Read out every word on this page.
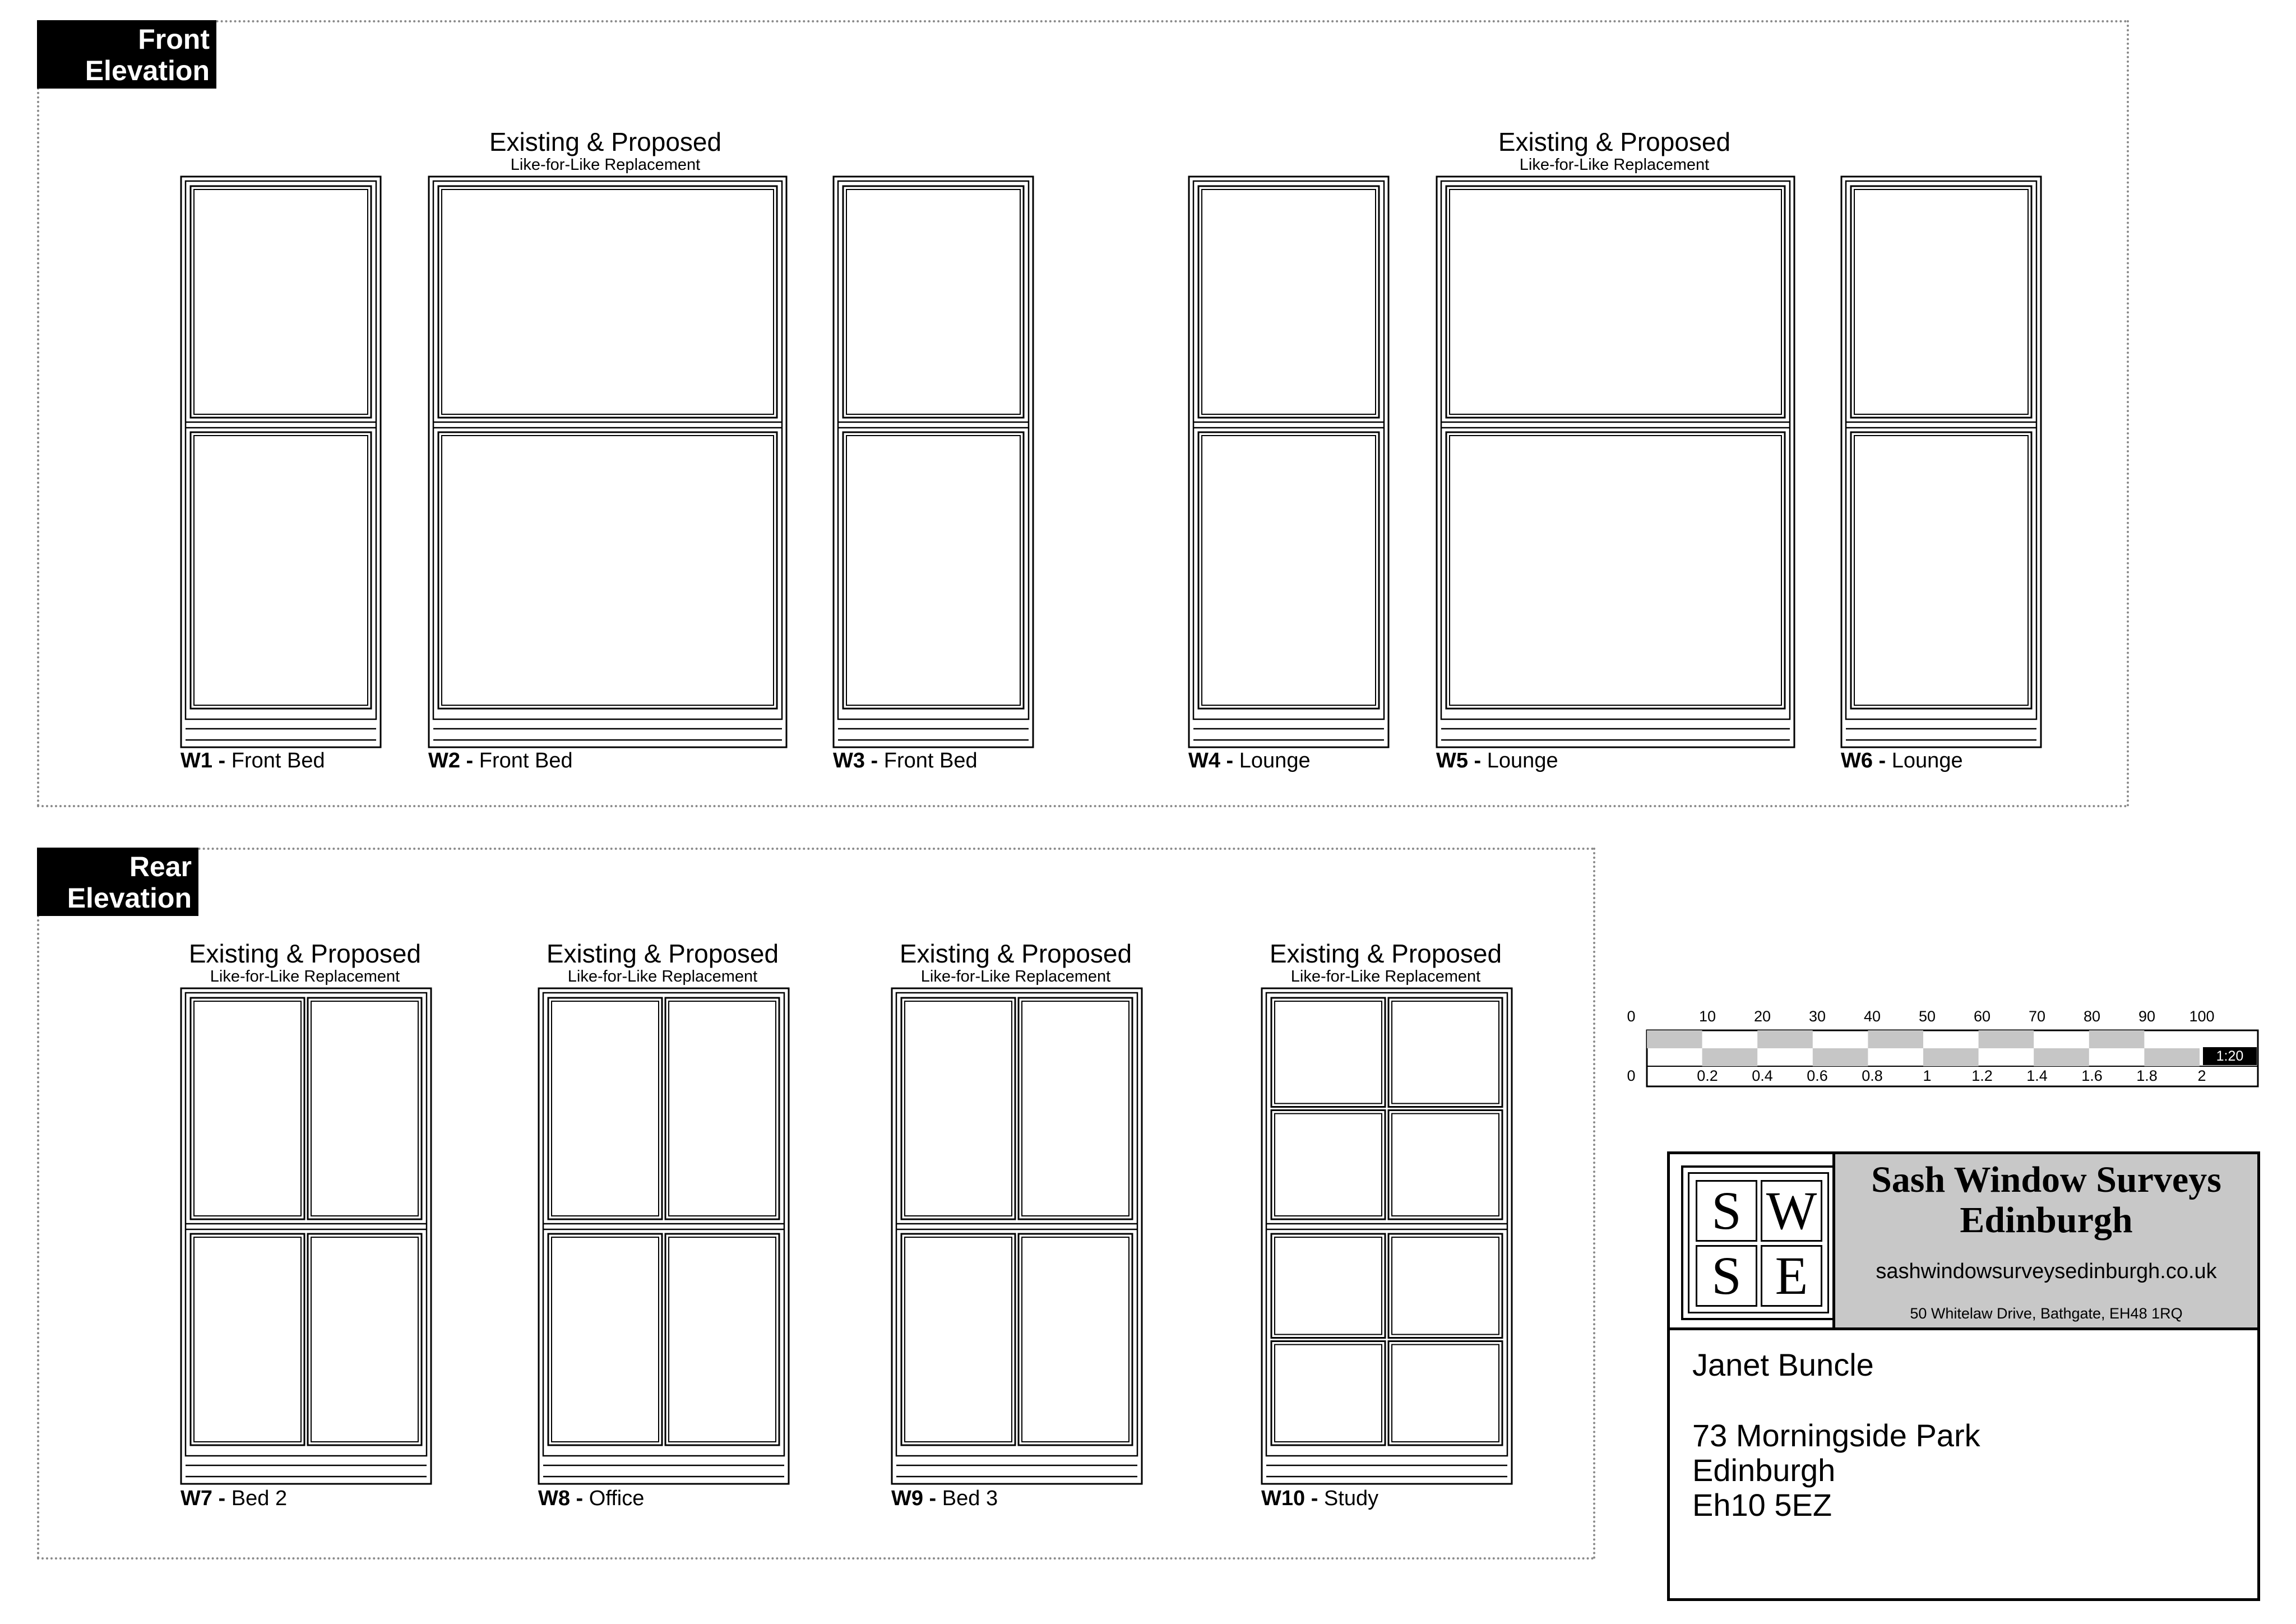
Front
Elevation
Existing & Proposed
Like-for-Like Replacement
Existing & Proposed
Like-for-Like Replacement
W1 - Front Bed	W2 - Front Bed	W3 - Front Bed	W4 - Lounge	W5 - Lounge	W6 - Lounge
Rear
Elevation
Existing & Proposed
Like-for-Like Replacement
Existing & Proposed
Like-for-Like Replacement
Existing & Proposed
Like-for-Like Replacement
Existing & Proposed
Like-for-Like Replacement
W7 - Bed 2	W8 - Office	W9 - Bed 3	W10 - Study
0	10	20	30	40	50	60	70	80	90 100
0	0.2 0.4 0.6 0.8	1	1.2 1.4 1.6 1.8	2
1:20
S W
S E
Sash Window Surveys
Edinburgh
sashwindowsurveysedinburgh.co.uk
50 Whitelaw Drive, Bathgate, EH48 1RQ
Janet Buncle
73 Morningside Park
Edinburgh
Eh10 5EZ
